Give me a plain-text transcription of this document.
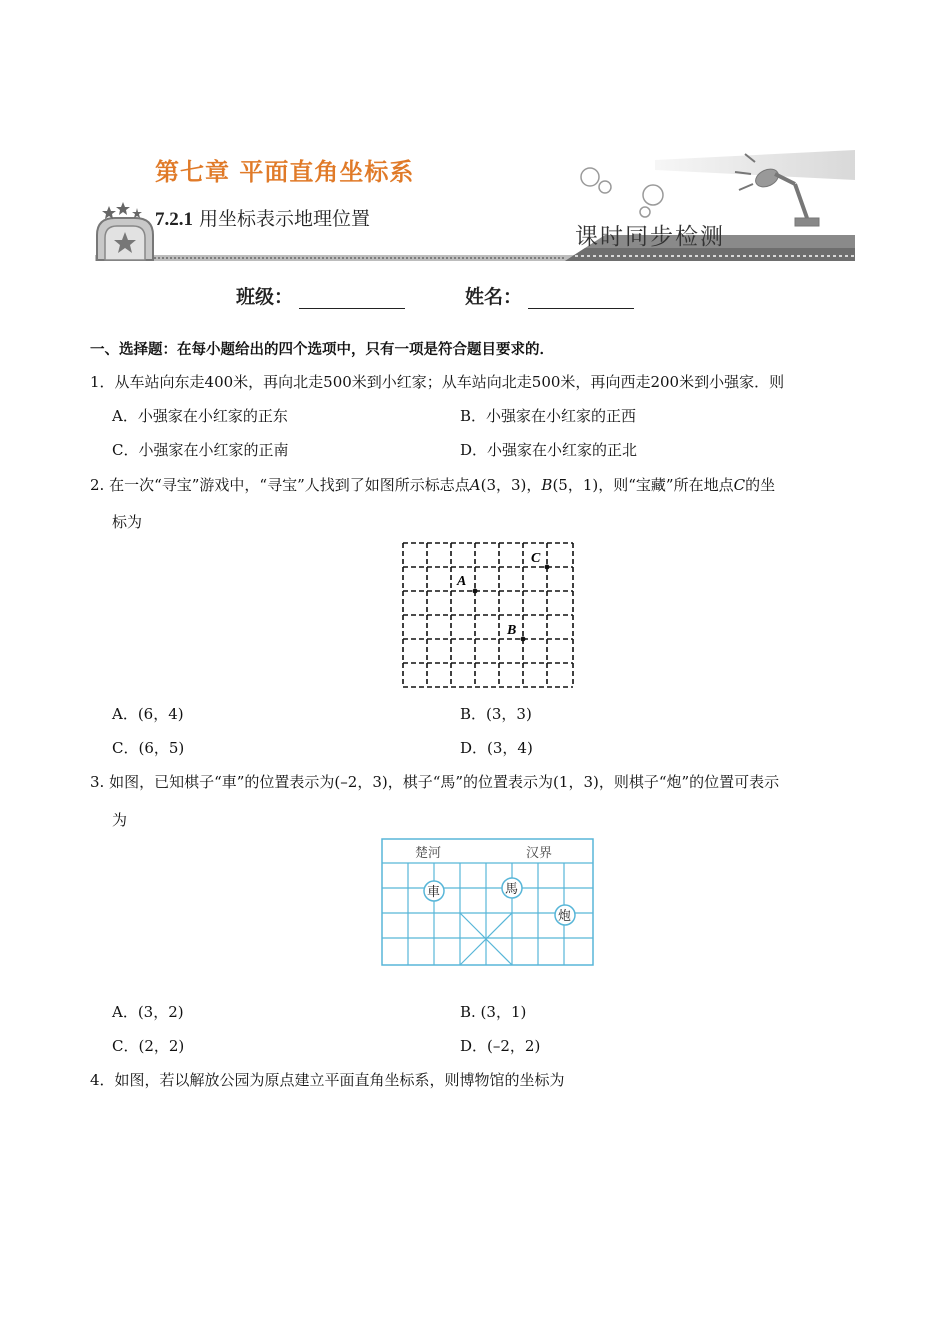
第七章 平面直角坐标系
7.2.1 用坐标表示地理位置
课时同步检测
班级：	姓名：
一、选择题：在每小题给出的四个选项中，只有一项是符合题目要求的．
1．从车站向东走400米，再向北走500米到小红家；从车站向北走500米，再向西走200米到小强家．则
A．小强家在小红家的正东	B．小强家在小红家的正西
C．小强家在小红家的正南	D．小强家在小红家的正北
2. 在一次“寻宝”游戏中，“寻宝”人找到了如图所示标志点A(3，3)，B(5，1)，则“宝藏”所在地点C的坐
标为
A
B
C
A．(6，4)	B．(3，3)
C．(6，5)	D．(3，4)
3. 如图，已知棋子“車”的位置表示为(–2，3)，棋子“馬”的位置表示为(1，3)，则棋子“炮”的位置可表示
为
楚河	汉界
車	馬
炮
A．(3，2)	B. (3，1)
C．(2，2)	D．(–2，2)
4．如图，若以解放公园为原点建立平面直角坐标系，则博物馆的坐标为
